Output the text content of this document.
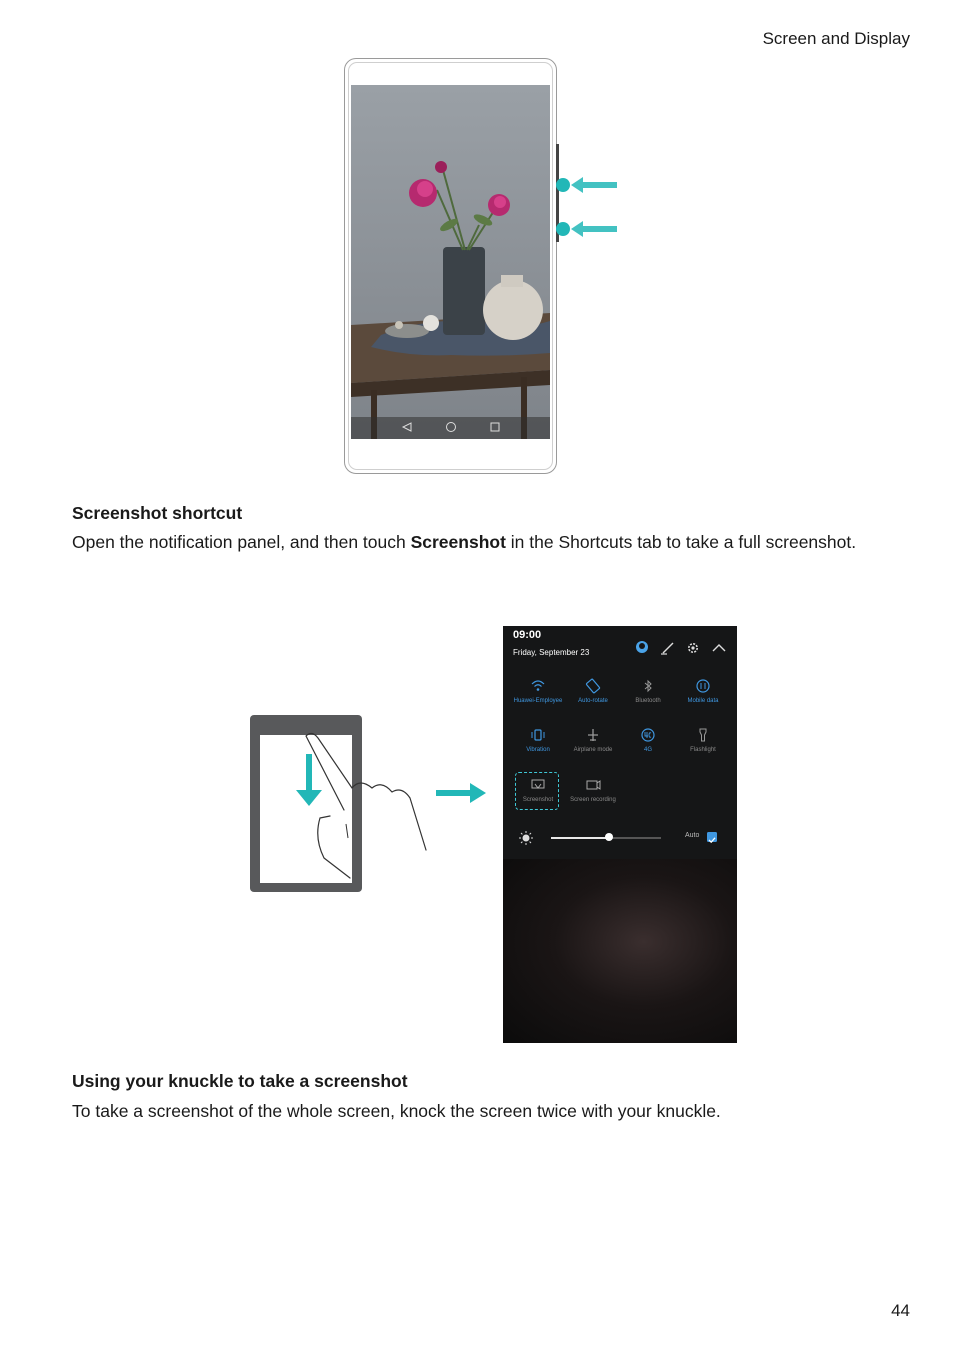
Screen and Display
Screenshot shortcut
Open the notification panel, and then touch Screenshot in the Shortcuts tab to take a full screenshot.
09:00
Friday, September 23
Huawei-Employee	Auto-rotate	Bluetooth	Mobile data
Vibration	Airplane mode	4G	Flashlight
Screenshot	Screen recording
Auto
Using your knuckle to take a screenshot
To take a screenshot of the whole screen, knock the screen twice with your knuckle.
44
